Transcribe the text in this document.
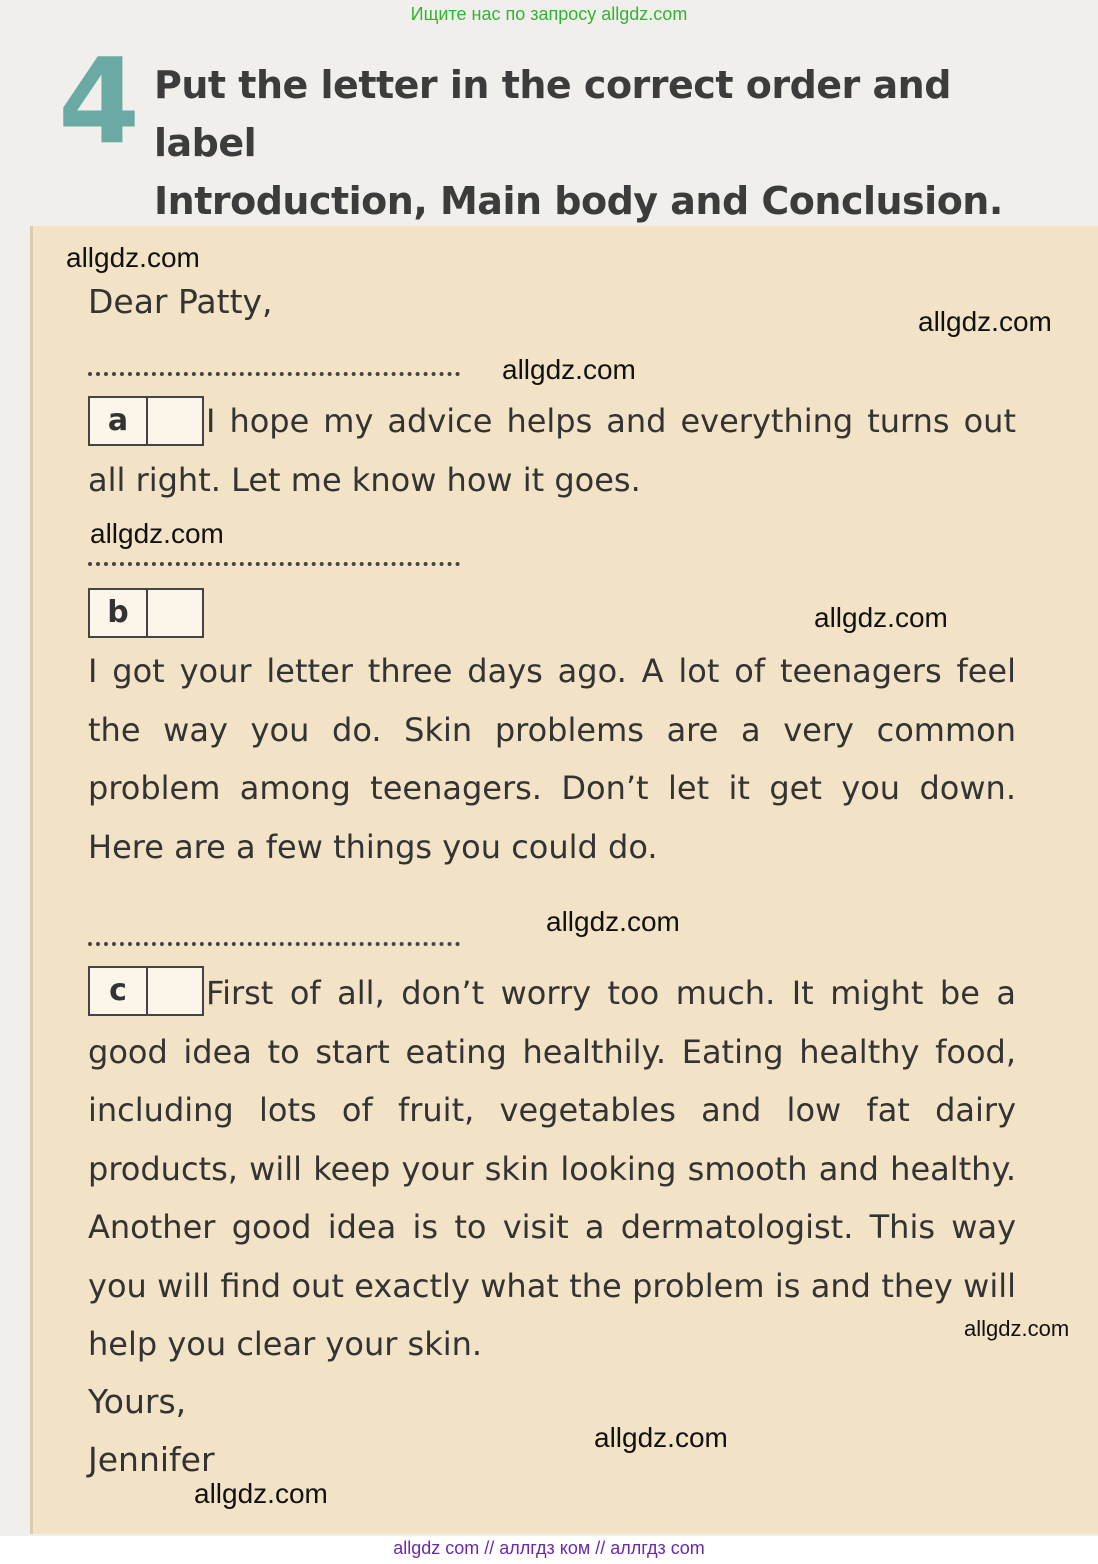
Ищите нас по запросу allgdz.com
4 Put the letter in the correct order and label
Introduction, Main body and Conclusion.
Dear Patty,
a	I hope my advice helps and everything turns out all right. Let me know how it goes.
b
I got your letter three days ago. A lot of teenagers feel the way you do. Skin problems are a very common problem among teenagers. Don’t let it get you down. Here are a few things you could do.
c	First of all, don’t worry too much. It might be a good idea to start eating healthily. Eating healthy food, including lots of fruit, vegetables and low fat dairy products, will keep your skin looking smooth and healthy. Another good idea is to visit a dermatologist. This way you will find out exactly what the problem is and they will help you clear your skin.
Yours,
Jennifer
allgdz.com
allgdz.com
allgdz.com
allgdz.com
allgdz.com
allgdz.com
allgdz.com
allgdz.com
allgdz.com
allgdz com // аллгдз ком // аллгдз com
